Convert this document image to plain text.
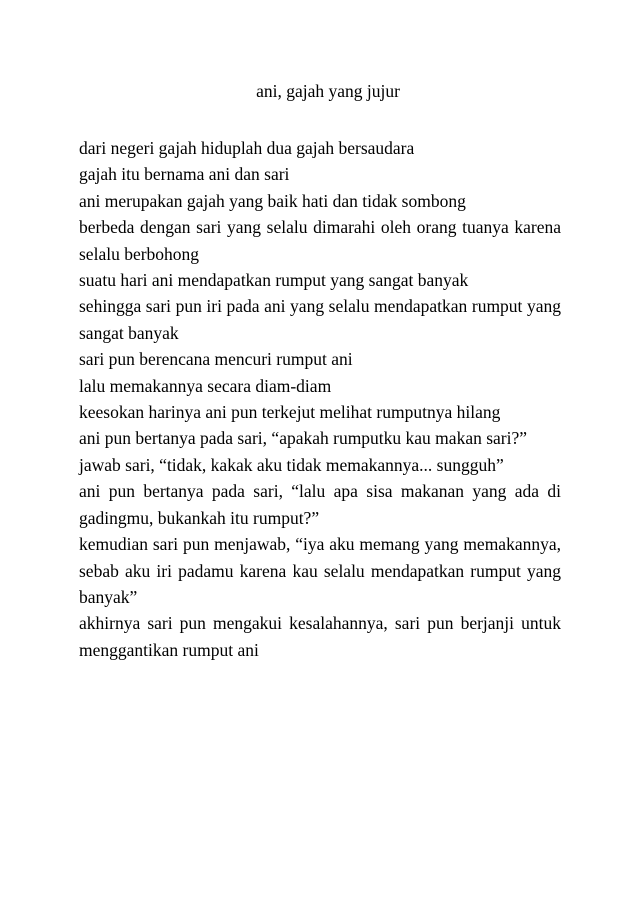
ani, gajah yang jujur

dari negeri gajah hiduplah dua gajah bersaudara

gajah itu bernama ani dan sari

ani merupakan gajah yang baik hati dan tidak sombong

berbeda dengan sari yang selalu dimarahi oleh orang tuanya karena selalu berbohong

suatu hari ani mendapatkan rumput yang sangat banyak

sehingga sari pun iri pada ani yang selalu mendapatkan rumput yang sangat banyak

sari pun berencana mencuri rumput ani

lalu memakannya secara diam-diam

keesokan harinya ani pun terkejut melihat rumputnya hilang

ani pun bertanya pada sari, “apakah rumputku kau makan sari?”

jawab sari, “tidak, kakak aku tidak memakannya... sungguh”

ani pun bertanya pada sari, “lalu apa sisa makanan yang ada di gadingmu, bukankah itu rumput?”

kemudian sari pun menjawab, “iya aku memang yang memakannya, sebab aku iri padamu karena kau selalu mendapatkan rumput yang banyak”

akhirnya sari pun mengakui kesalahannya, sari pun berjanji untuk menggantikan rumput ani
